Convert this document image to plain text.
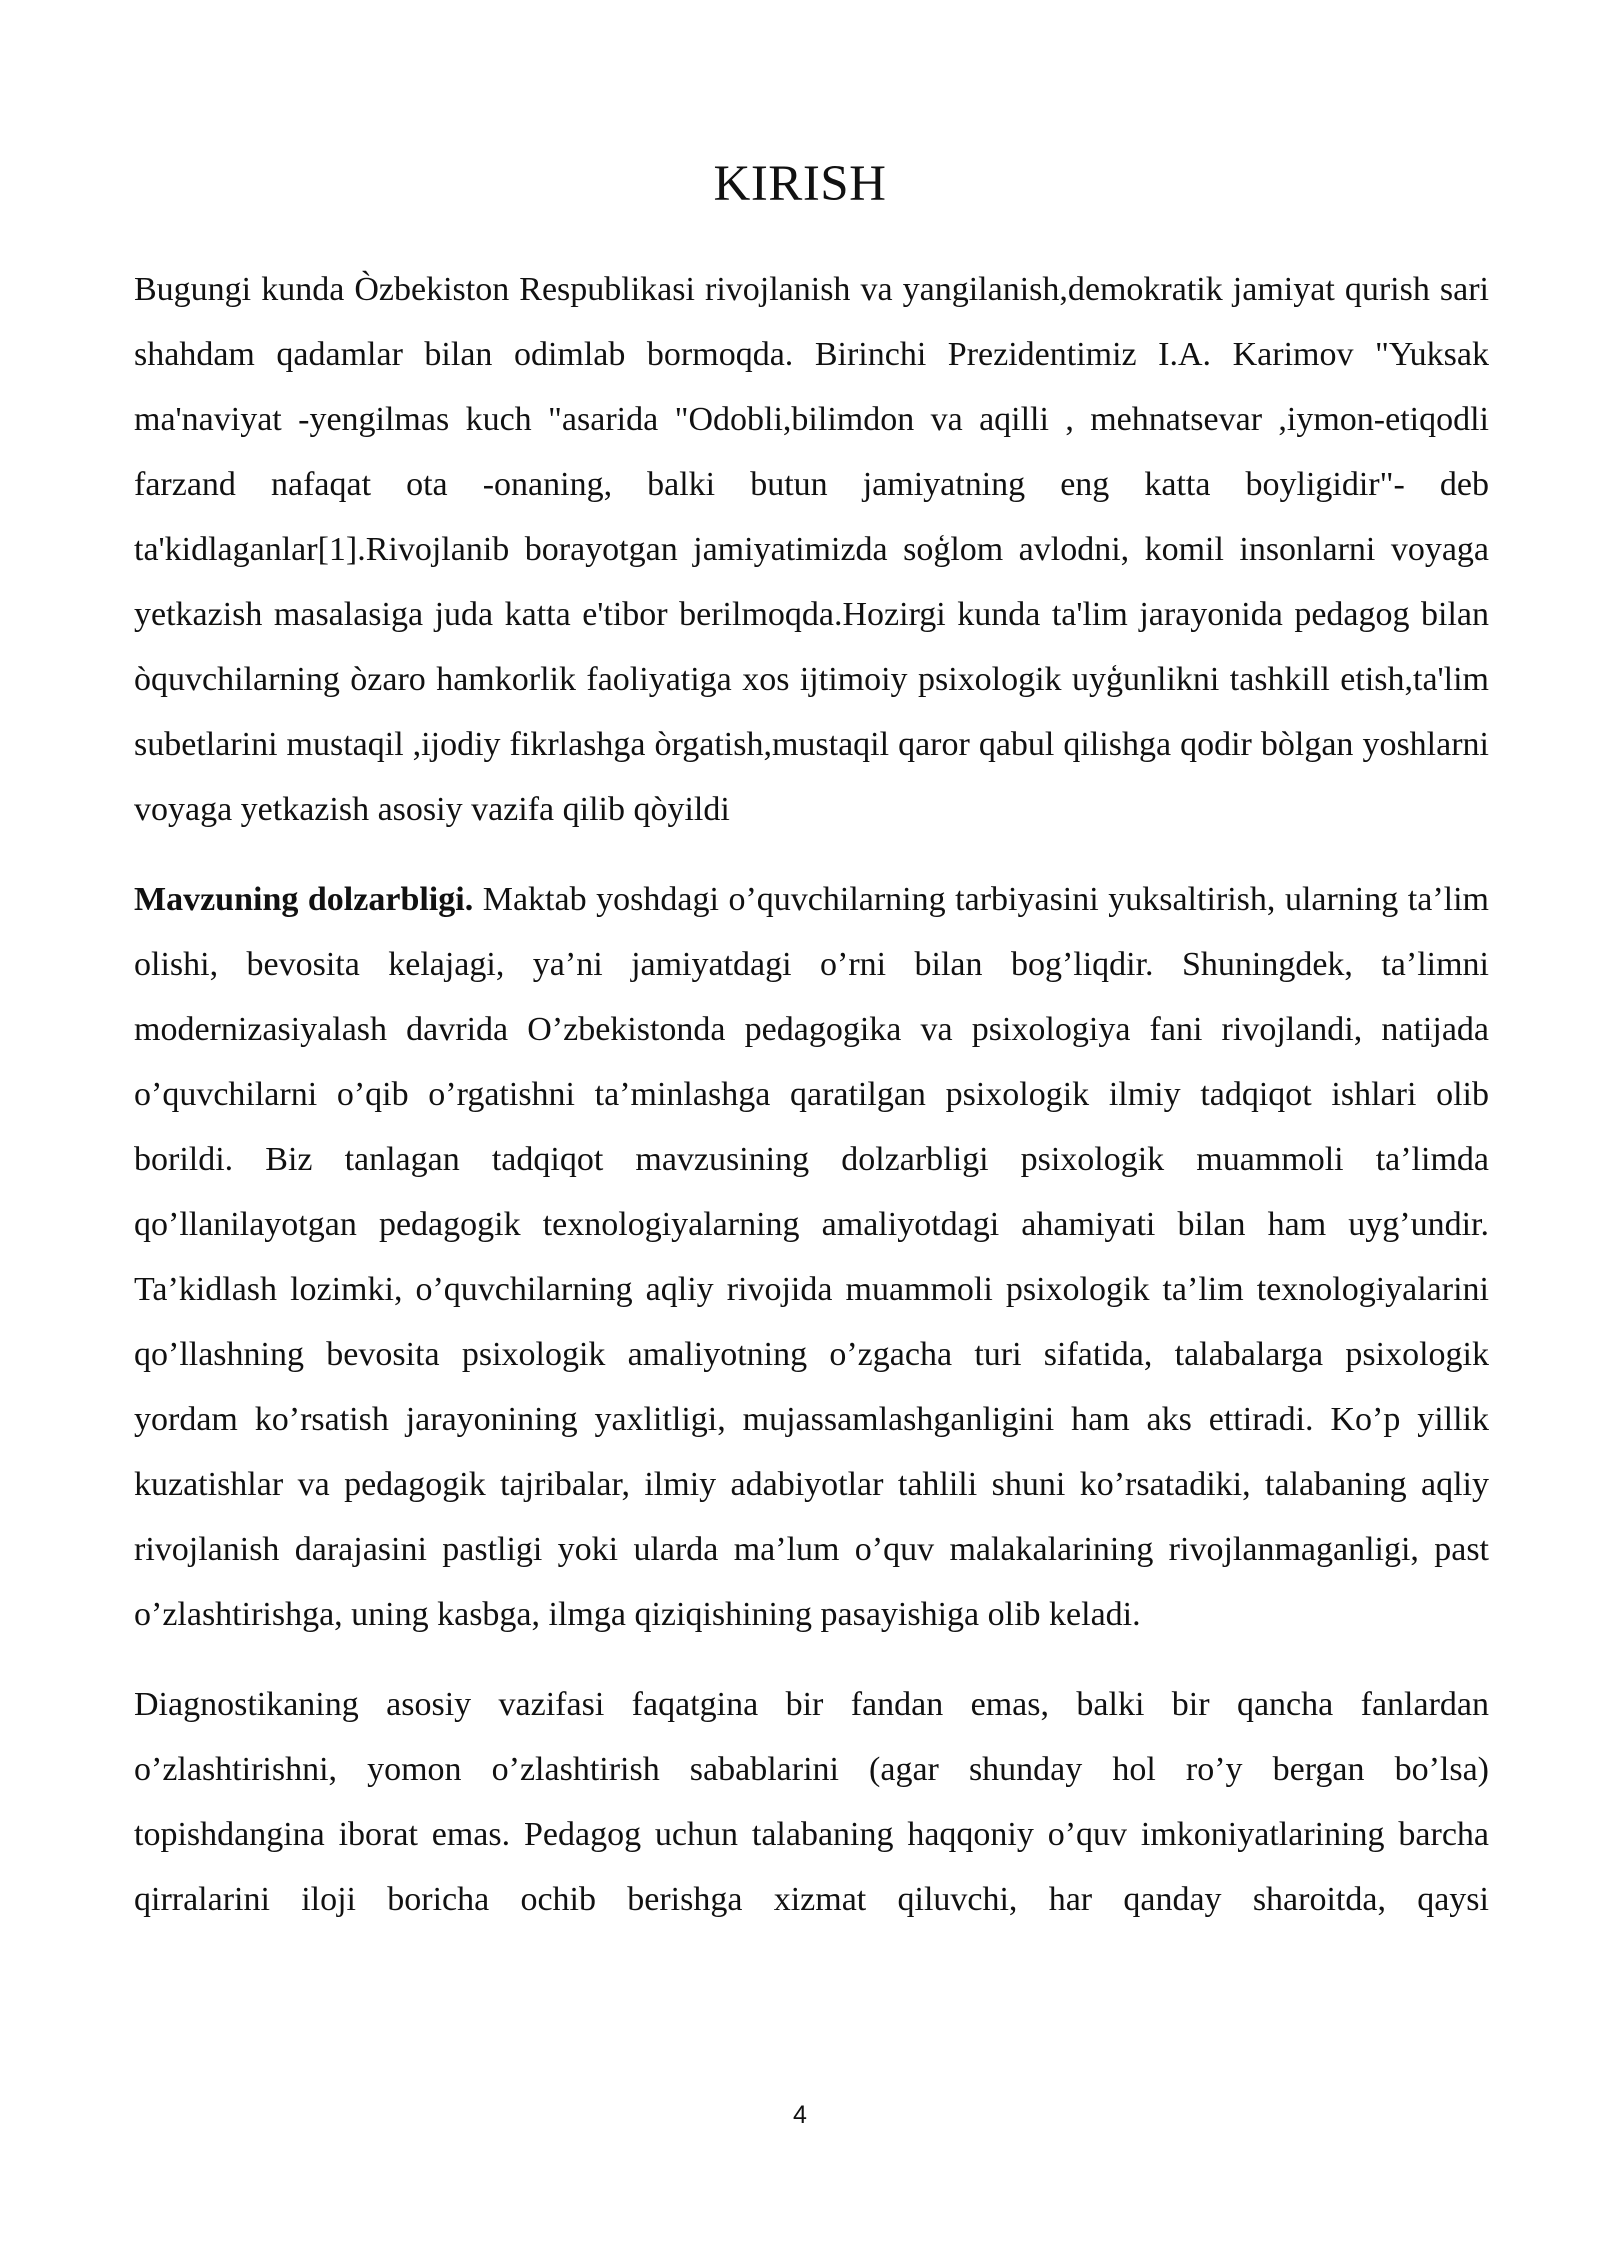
KIRISH

Bugungi kunda Òzbekiston Respublikasi rivojlanish va yangilanish,demokratik jamiyat qurish sari shahdam qadamlar bilan odimlab bormoqda. Birinchi Prezidentimiz I.A. Karimov "Yuksak ma'naviyat -yengilmas kuch "asarida "Odobli,bilimdon va aqilli , mehnatsevar ,iymon-etiqodli farzand nafaqat ota -onaning, balki butun jamiyatning eng katta boyligidir"- deb ta'kidlaganlar[1].Rivojlanib borayotgan jamiyatimizda soģlom avlodni, komil insonlarni voyaga yetkazish masalasiga juda katta e'tibor berilmoqda.Hozirgi kunda ta'lim jarayonida pedagog bilan òquvchilarning òzaro hamkorlik faoliyatiga xos ijtimoiy psixologik uyģunlikni tashkill etish,ta'lim subetlarini mustaqil ,ijodiy fikrlashga òrgatish,mustaqil qaror qabul qilishga qodir bòlgan yoshlarni voyaga yetkazish asosiy vazifa qilib qòyildi

Mavzuning dolzarbligi. Maktab yoshdagi o’quvchilarning tarbiyasini yuksaltirish, ularning ta’lim olishi, bevosita kelajagi, ya’ni jamiyatdagi o’rni bilan bog’liqdir. Shuningdek, ta’limni modernizasiyalash davrida O’zbekistonda pedagogika va psixologiya fani rivojlandi, natijada o’quvchilarni o’qib o’rgatishni ta’minlashga qaratilgan psixologik ilmiy tadqiqot ishlari olib borildi. Biz tanlagan tadqiqot mavzusining dolzarbligi psixologik muammoli ta’limda qo’llanilayotgan pedagogik texnologiyalarning amaliyotdagi ahamiyati bilan ham uyg’undir. Ta’kidlash lozimki, o’quvchilarning aqliy rivojida muammoli psixologik ta’lim texnologiyalarini qo’llashning bevosita psixologik amaliyotning o’zgacha turi sifatida, talabalarga psixologik yordam ko’rsatish jarayonining yaxlitligi, mujassamlashganligini ham aks ettiradi. Ko’p yillik kuzatishlar va pedagogik tajribalar, ilmiy adabiyotlar tahlili shuni ko’rsatadiki, talabaning aqliy rivojlanish darajasini pastligi yoki ularda ma’lum o’quv malakalarining rivojlanmaganligi, past o’zlashtirishga, uning kasbga, ilmga qiziqishining pasayishiga olib keladi.

Diagnostikaning asosiy vazifasi faqatgina bir fandan emas, balki bir qancha fanlardan o’zlashtirishni, yomon o’zlashtirish sabablarini (agar shunday hol ro’y bergan bo’lsa) topishdangina iborat emas. Pedagog uchun talabaning haqqoniy o’quv imkoniyatlarining barcha qirralarini iloji boricha ochib berishga xizmat qiluvchi, har qanday sharoitda, qaysi

4
